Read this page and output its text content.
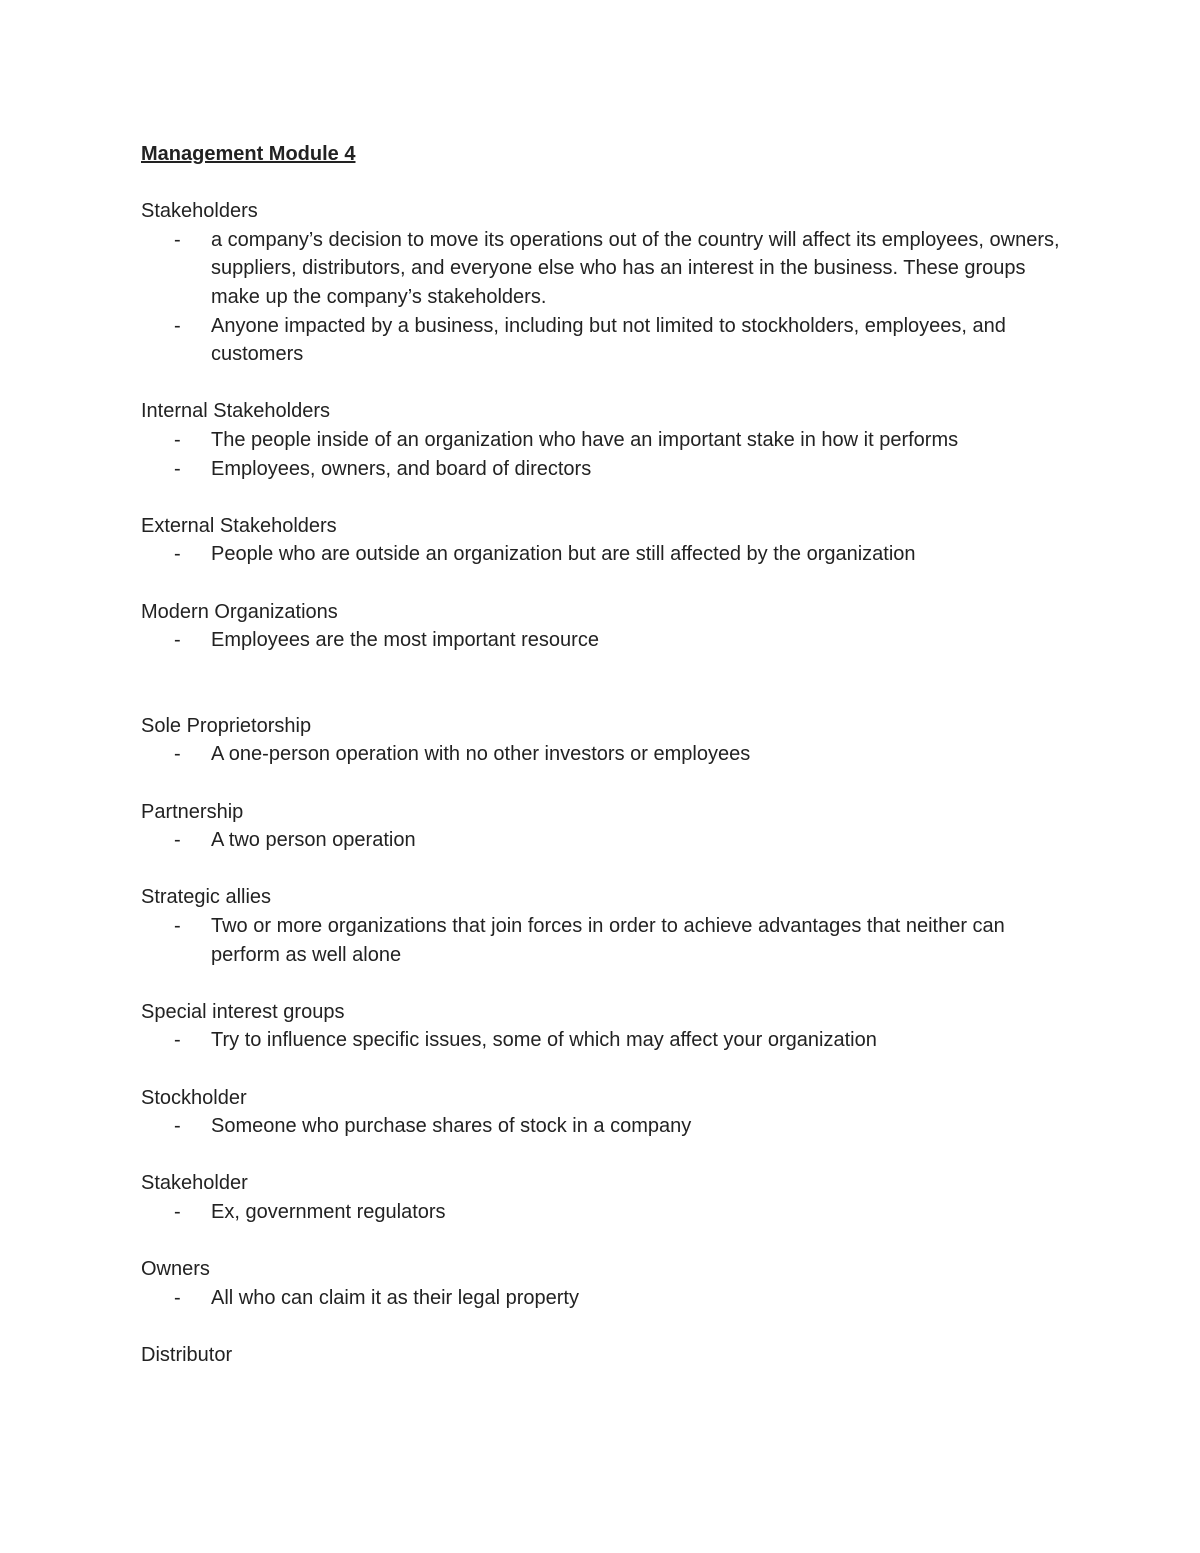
Management Module 4

Stakeholders

- a company’s decision to move its operations out of the country will affect its employees, owners, suppliers, distributors, and everyone else who has an interest in the business. These groups make up the company’s stakeholders.
- Anyone impacted by a business, including but not limited to stockholders, employees, and customers

Internal Stakeholders

- The people inside of an organization who have an important stake in how it performs
- Employees, owners, and board of directors

External Stakeholders

- People who are outside an organization but are still affected by the organization

Modern Organizations

- Employees are the most important resource

Sole Proprietorship

- A one-person operation with no other investors or employees

Partnership

- A two person operation

Strategic allies

- Two or more organizations that join forces in order to achieve advantages that neither can perform as well alone

Special interest groups

- Try to influence specific issues, some of which may affect your organization

Stockholder

- Someone who purchase shares of stock in a company

Stakeholder

- Ex, government regulators

Owners

- All who can claim it as their legal property

Distributor
